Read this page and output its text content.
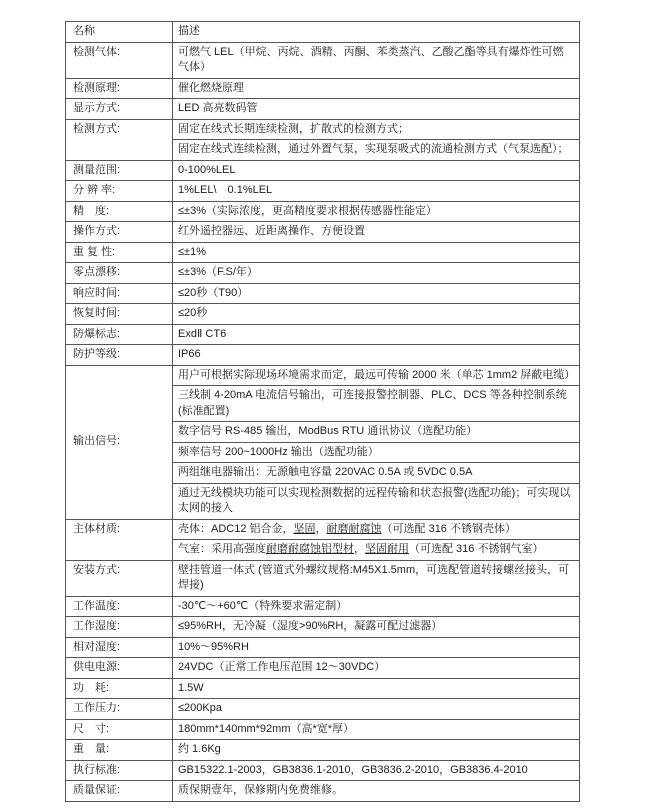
名称	描述
检测气体:	可燃气 LEL（甲烷、丙烷、酒精、丙酮、苯类蒸汽、乙酸乙酯等具有爆炸性可燃气体）
检测原理:	催化燃烧原理
显示方式:	LED 高亮数码管
检测方式:	固定在线式长期连续检测，扩散式的检测方式；
	固定在线式连续检测，通过外置气泵，实现泵吸式的流通检测方式（气泵选配）；
测量范围:	0-100%LEL
分 辨 率:	1%LEL\　0.1%LEL
精　度:	≤±3%（实际浓度，更高精度要求根据传感器性能定）
操作方式:	红外遥控器远、近距离操作、方便设置
重 复 性:	≤±1%
零点漂移:	≤±3%（F.S/年）
响应时间:	≤20秒（T90）
恢复时间:	≤20秒
防爆标志:	ExdⅡ CT6
防护等级:	IP66
输出信号:	用户可根据实际现场环境需求而定，最远可传输 2000 米（单芯 1mm2 屏蔽电缆）
	三线制 4-20mA 电流信号输出，可连接报警控制器、PLC、DCS 等各种控制系统(标准配置)
	数字信号 RS-485 输出，ModBus RTU 通讯协议（选配功能）
	频率信号 200~1000Hz 输出（选配功能）
	两组继电器输出：无源触电容量 220VAC 0.5A 或 5VDC 0.5A
	通过无线模块功能可以实现检测数据的远程传输和状态报警(选配功能)；可实现以太网的接入
主体材质:	壳体：ADC12 铝合金，坚固，耐磨耐腐蚀（可选配 316 不锈钢壳体）
	气室：采用高强度耐磨耐腐蚀铝型材，坚固耐用（可选配 316 不锈钢气室）
安装方式:	壁挂管道一体式 (管道式外螺纹规格:M45X1.5mm，可选配管道转接螺丝接头，可焊接)
工作温度:	-30℃～+60℃（特殊要求需定制）
工作湿度:	≤95%RH，无冷凝（湿度>90%RH，凝露可配过滤器）
相对湿度:	10%～95%RH
供电电源:	24VDC（正常工作电压范围 12～30VDC）
功　耗:	1.5W
工作压力:	≤200Kpa
尺　寸:	180mm*140mm*92mm（高*宽*厚）
重　量:	约 1.6Kg
执行标准:	GB15322.1-2003，GB3836.1-2010，GB3836.2-2010，GB3836.4-2010
质量保证:	质保期壹年，保修期内免费维修。
